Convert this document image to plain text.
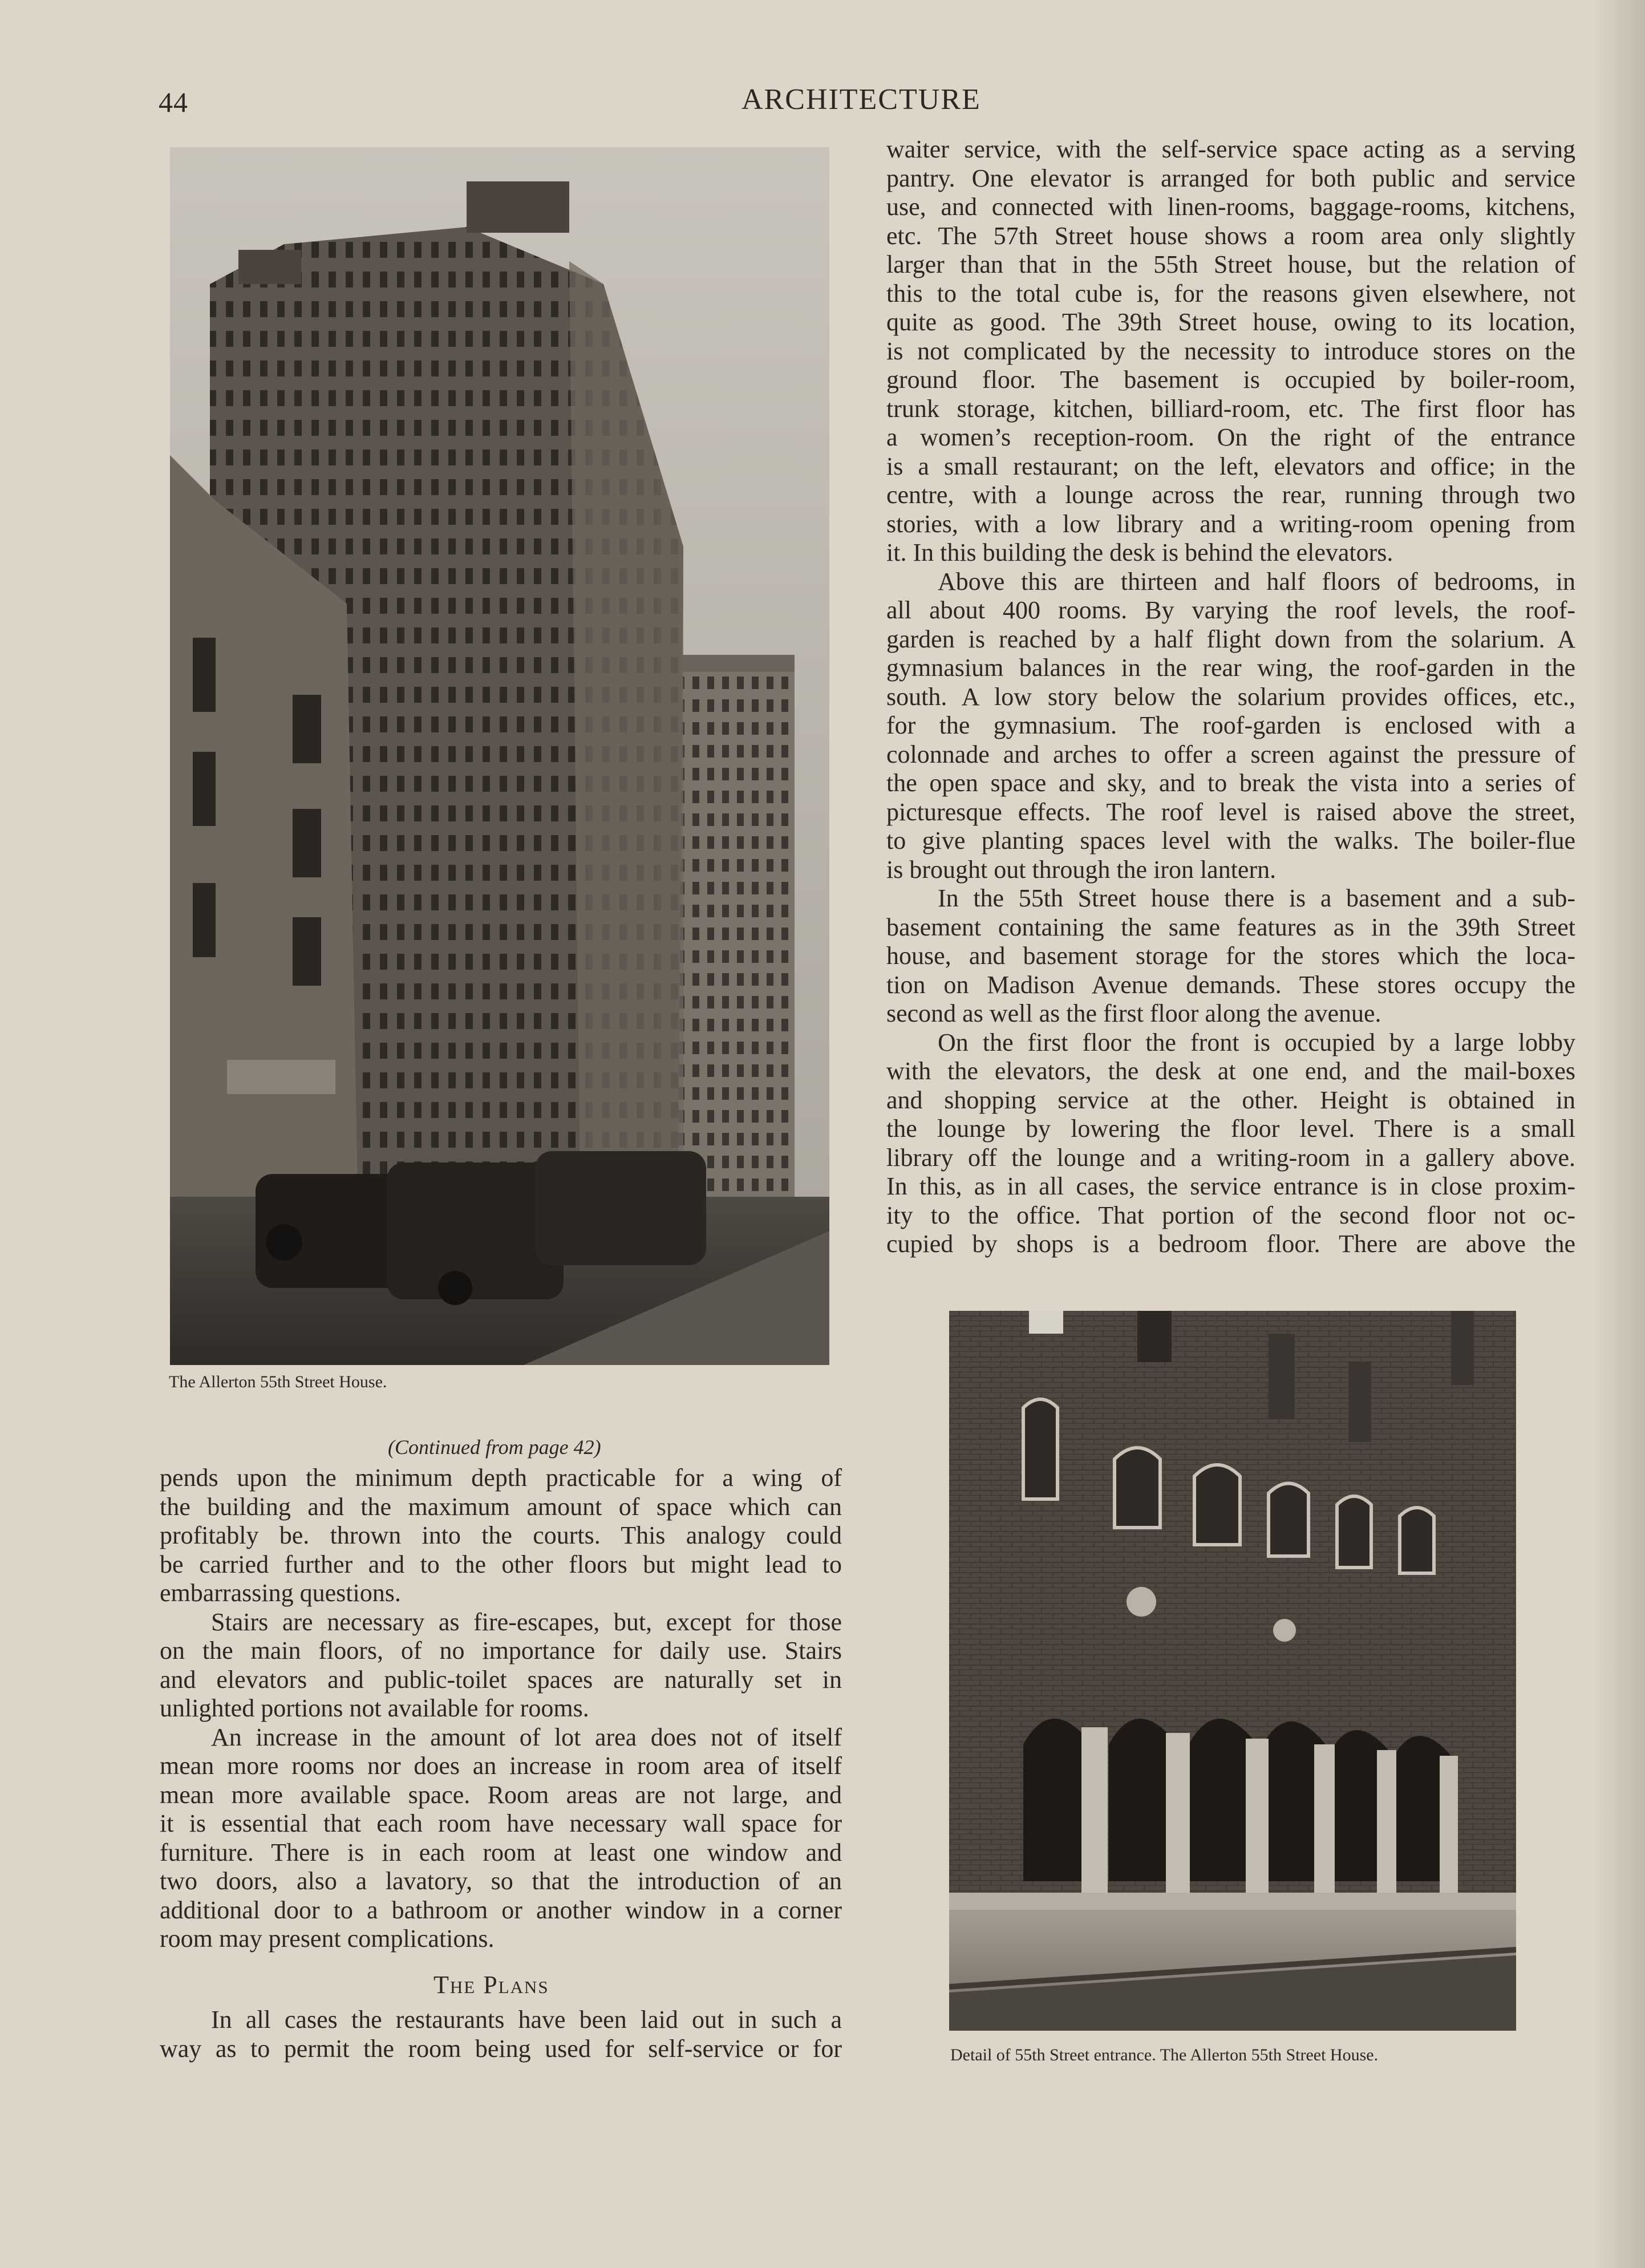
44	ARCHITECTURE
The Allerton 55th Street House.
Detail of 55th Street entrance. The Allerton 55th Street House.

waiter service, with the self-service space acting as a serving
pantry. One elevator is arranged for both public and service
use, and connected with linen-rooms, baggage-rooms, kitchens,
etc. The 57th Street house shows a room area only slightly
larger than that in the 55th Street house, but the relation of
this to the total cube is, for the reasons given elsewhere, not
quite as good. The 39th Street house, owing to its location,
is not complicated by the necessity to introduce stores on the
ground floor. The basement is occupied by boiler-room,
trunk storage, kitchen, billiard-room, etc. The first floor has
a women’s reception-room. On the right of the entrance
is a small restaurant; on the left, elevators and office; in the
centre, with a lounge across the rear, running through two
stories, with a low library and a writing-room opening from
it. In this building the desk is behind the elevators.

Above this are thirteen and half floors of bedrooms, in
all about 400 rooms. By varying the roof levels, the roof-
garden is reached by a half flight down from the solarium. A
gymnasium balances in the rear wing, the roof-garden in the
south. A low story below the solarium provides offices, etc.,
for the gymnasium. The roof-garden is enclosed with a
colonnade and arches to offer a screen against the pressure of
the open space and sky, and to break the vista into a series of
picturesque effects. The roof level is raised above the street,
to give planting spaces level with the walks. The boiler-flue
is brought out through the iron lantern.

In the 55th Street house there is a basement and a sub-
basement containing the same features as in the 39th Street
house, and basement storage for the stores which the loca-
tion on Madison Avenue demands. These stores occupy the
second as well as the first floor along the avenue.

On the first floor the front is occupied by a large lobby
with the elevators, the desk at one end, and the mail-boxes
and shopping service at the other. Height is obtained in
the lounge by lowering the floor level. There is a small
library off the lounge and a writing-room in a gallery above.
In this, as in all cases, the service entrance is in close proxim-
ity to the office. That portion of the second floor not oc-
cupied by shops is a bedroom floor. There are above the

(Continued from page 42)

pends upon the minimum depth practicable for a wing of
the building and the maximum amount of space which can
profitably be. thrown into the courts. This analogy could
be carried further and to the other floors but might lead to
embarrassing questions.

Stairs are necessary as fire-escapes, but, except for those
on the main floors, of no importance for daily use. Stairs
and elevators and public-toilet spaces are naturally set in
unlighted portions not available for rooms.

An increase in the amount of lot area does not of itself
mean more rooms nor does an increase in room area of itself
mean more available space. Room areas are not large, and
it is essential that each room have necessary wall space for
furniture. There is in each room at least one window and
two doors, also a lavatory, so that the introduction of an
additional door to a bathroom or another window in a corner
room may present complications.

The Plans

In all cases the restaurants have been laid out in such a
way as to permit the room being used for self-service or for
